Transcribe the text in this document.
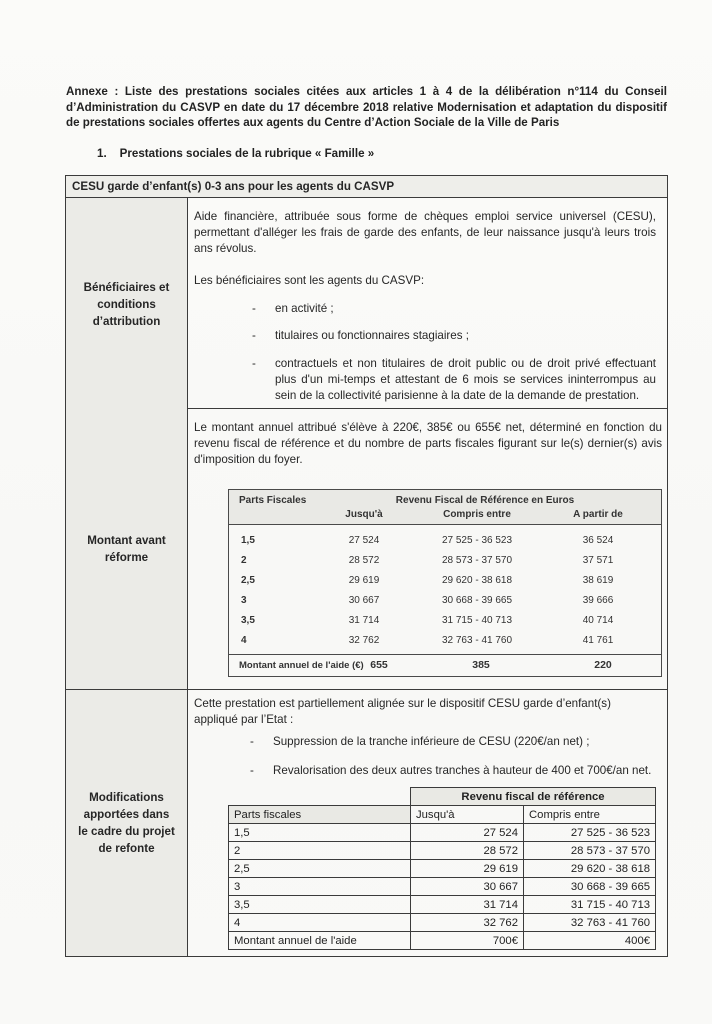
Annexe : Liste des prestations sociales citées aux articles 1 à 4 de la délibération n°114 du Conseil d’Administration du CASVP en date du 17 décembre 2018 relative Modernisation et adaptation du dispositif de prestations sociales offertes aux agents du Centre d’Action Sociale de la Ville de Paris

1. Prestations sociales de la rubrique « Famille »
CESU garde d’enfant(s) 0-3 ans pour les agents du CASVP
Bénéficiaires et conditions d’attribution

Aide financière, attribuée sous forme de chèques emploi service universel (CESU), permettant d'alléger les frais de garde des enfants, de leur naissance jusqu'à leurs trois ans révolus.

Les bénéficiaires sont les agents du CASVP:

-	en activité ;
-	titulaires ou fonctionnaires stagiaires ;
-	contractuels et non titulaires de droit public ou de droit privé effectuant plus d'un mi-temps et attestant de 6 mois se services ininterrompus au sein de la collectivité parisienne à la date de la demande de prestation.
Montant avant réforme

Le montant annuel attribué s'élève à 220€, 385€ ou 655€ net, déterminé en fonction du revenu fiscal de référence et du nombre de parts fiscales figurant sur le(s) dernier(s) avis d'imposition du foyer.

Parts Fiscales	Revenu Fiscal de Référence en Euros
Jusqu'à	Compris entre	A partir de
1,5	27 524	27 525 - 36 523	36 524
2	28 572	28 573 - 37 570	37 571
2,5	29 619	29 620 - 38 618	38 619
3	30 667	30 668 - 39 665	39 666
3,5	31 714	31 715 - 40 713	40 714
4	32 762	32 763 - 41 760	41 761
Montant annuel de l'aide (€) 655	385	220
Modifications apportées dans le cadre du projet de refonte

Cette prestation est partiellement alignée sur le dispositif CESU garde d’enfant(s) appliqué par l’Etat :

-	Suppression de la tranche inférieure de CESU (220€/an net) ;
-	Revalorisation des deux autres tranches à hauteur de 400 et 700€/an net.
	Revenu fiscal de référence	
Parts fiscales	Jusqu'à	Compris entre
1,5	27 524	27 525 - 36 523
2	28 572	28 573 - 37 570
2,5	29 619	29 620 - 38 618
3	30 667	30 668 - 39 665
3,5	31 714	31 715 - 40 713
4	32 762	32 763 - 41 760
Montant annuel de l'aide	700€	400€
